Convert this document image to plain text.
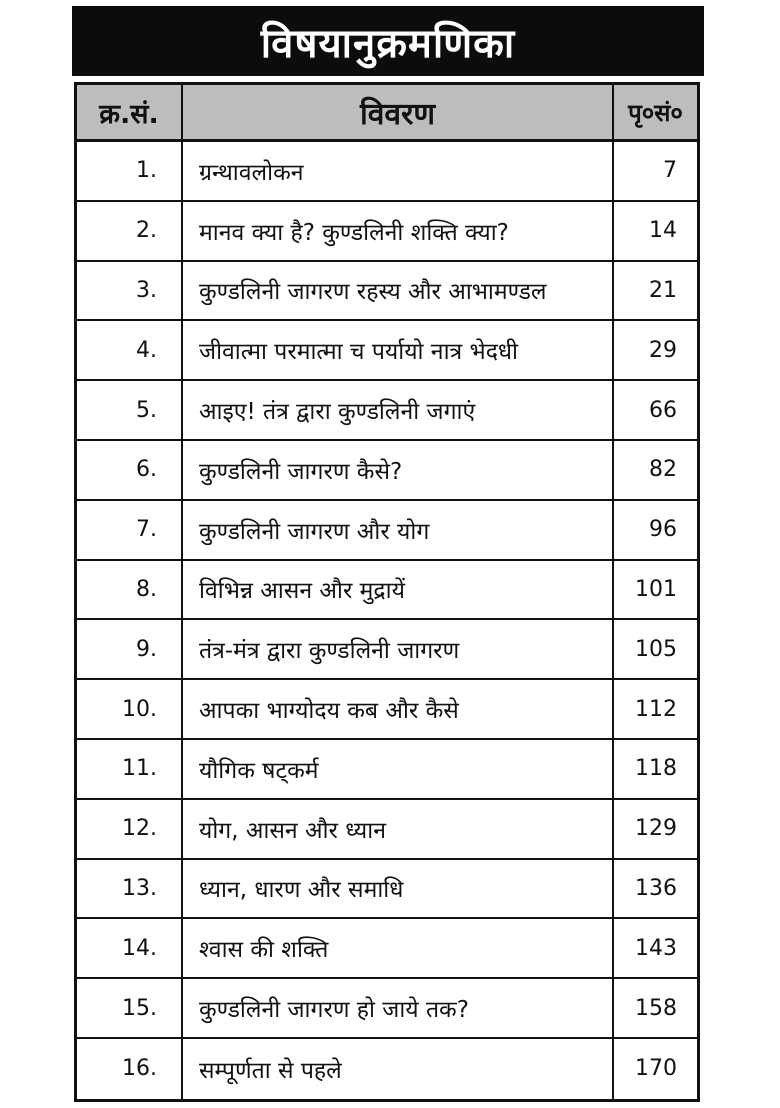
विषयानुक्रमणिका
क्र.सं.	विवरण	पृ०सं०
1.	ग्रन्थावलोकन	7
2.	मानव क्या है? कुण्डलिनी शक्ति क्या?	14
3.	कुण्डलिनी जागरण रहस्य और आभामण्डल	21
4.	जीवात्मा परमात्मा च पर्यायो नात्र भेदधी	29
5.	आइए! तंत्र द्वारा कुण्डलिनी जगाएं	66
6.	कुण्डलिनी जागरण कैसे?	82
7.	कुण्डलिनी जागरण और योग	96
8.	विभिन्न आसन और मुद्रायें	101
9.	तंत्र-मंत्र द्वारा कुण्डलिनी जागरण	105
10.	आपका भाग्योदय कब और कैसे	112
11.	यौगिक षट्कर्म	118
12.	योग, आसन और ध्यान	129
13.	ध्यान, धारण और समाधि	136
14.	श्वास की शक्ति	143
15.	कुण्डलिनी जागरण हो जाये तक?	158
16.	सम्पूर्णता से पहले	170
